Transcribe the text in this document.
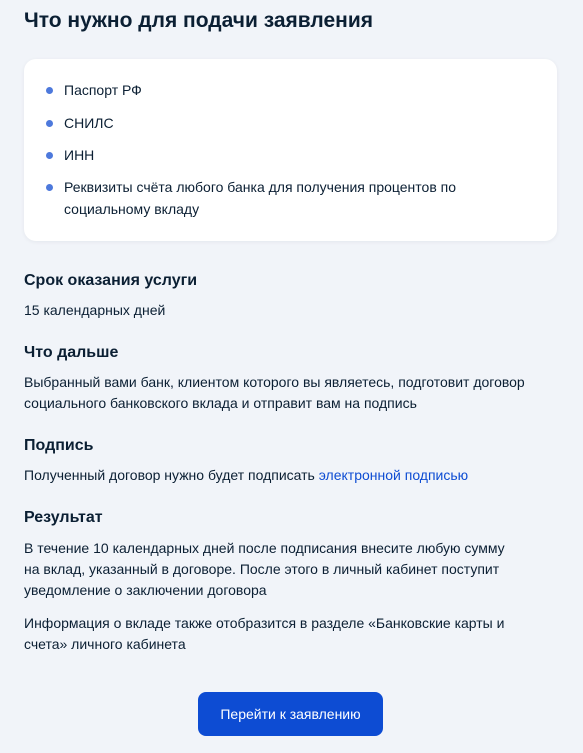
Что нужно для подачи заявления
Паспорт РФ
СНИЛС
ИНН
Реквизиты счёта любого банка для получения процентов по социальному вкладу
Срок оказания услуги

15 календарных дней

Что дальше

Выбранный вами банк, клиентом которого вы являетесь, подготовит договор социального банковского вклада и отправит вам на подпись

Подпись

Полученный договор нужно будет подписать электронной подписью

Результат

В течение 10 календарных дней после подписания внесите любую сумму на вклад, указанный в договоре. После этого в личный кабинет поступит уведомление о заключении договора

Информация о вкладе также отобразится в разделе «Банковские карты и счета» личного кабинета

Перейти к заявлению
